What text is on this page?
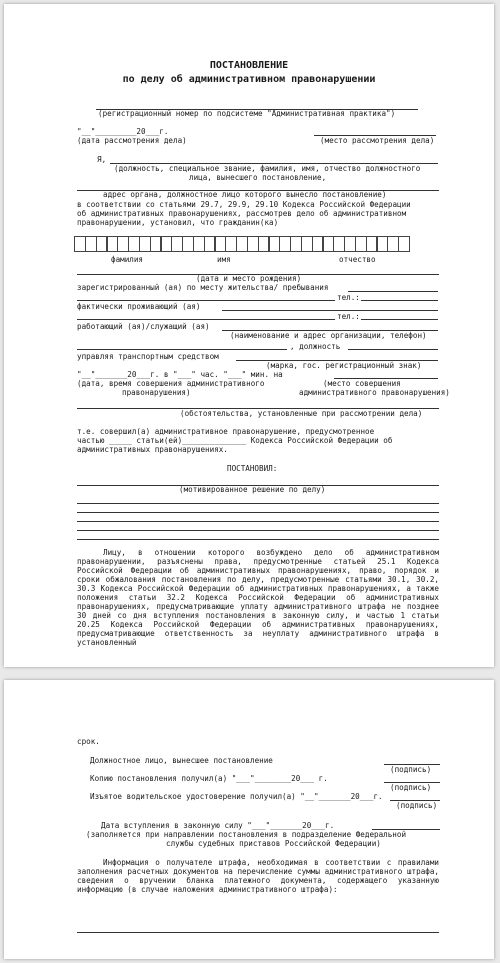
ПОСТАНОВЛЕНИЕ
по делу об административном правонарушении
(регистрационный номер по подсистеме "Административная практика")
"__"_________20___г.
(дата рассмотрения дела)	(место рассмотрения дела)
Я,
(должность, специальное звание, фамилия, имя, отчество должностного
лица, вынесшего постановление,
адрес органа, должностное лицо которого вынесло постановление)
в соответствии со статьями 29.7, 29.9, 29.10 Кодекса Российской Федерации
об административных правонарушениях, рассмотрев дело об административном
правонарушении, установил, что гражданин(ка)
фамилия	имя	отчество
(дата и место рождения)
зарегистрированный (ая) по месту жительства/ пребывания
тел.:
фактически проживающий (ая)
тел.:
работающий (ая)/служащий (ая)
(наименование и адрес организации, телефон)
, должность
управляя транспортным средством
(марка, гос. регистрационный знак)
"__"_______20___г. в "___" час. "___" мин. на
(дата, время совершения административного
правонарушения)
(место совершения
административного правонарушения)
(обстоятельства, установленные при рассмотрении дела)
т.е. совершил(а) административное правонарушение, предусмотренное
частью _____ статьи(ей)______________ Кодекса Российской Федерации об
административных правонарушениях.
ПОСТАНОВИЛ:
(мотивированное решение по делу)
Лицу, в отношении которого возбуждено дело об административном правонарушении, разъяснены права, предусмотренные статьей 25.1 Кодекса Российской Федерации об административных правонарушениях, право, порядок и сроки обжалования постановления по делу, предусмотренные статьями 30.1, 30.2, 30.3 Кодекса Российской Федерации об административных правонарушениях, а также положения статьи 32.2 Кодекса Российской Федерации об административных правонарушениях, предусматривающие уплату административного штрафа не позднее 30 дней со дня вступления постановления в законную силу, и частью 1 статьи 20.25 Кодекса Российской Федерации об административных правонарушениях, предусматривающие ответственность за неуплату административного штрафа в установленный
срок.
Должностное лицо, вынесшее постановление
(подпись)
Копию постановления получил(а) "___"________20___ г.
(подпись)
Изъятое водительское удостоверение получил(а) "__"_______20___г.
(подпись)
Дата вступления в законную силу "___"_______20___г.
(заполняется при направлении постановления в подразделение Федеральной
службы судебных приставов Российской Федерации)
Информация о получателе штрафа, необходимая в соответствии с правилами заполнения расчетных документов на перечисление суммы административного штрафа, сведения о вручении бланка платежного документа, содержащего указанную информацию (в случае наложения административного штрафа):
